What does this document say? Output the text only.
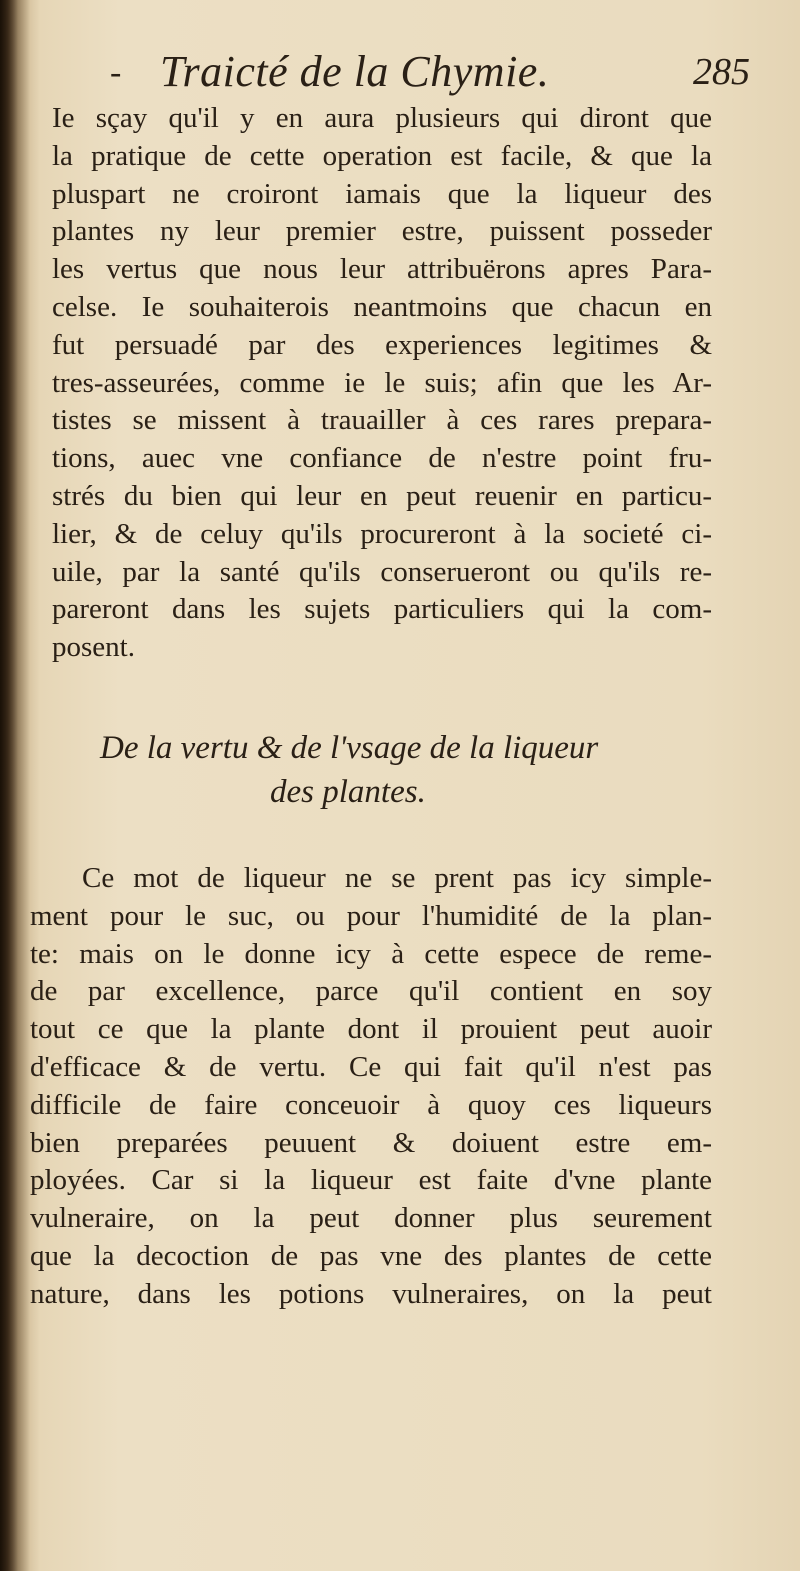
- Traicté de la Chymie.	285
Ie sçay qu'il y en aura plusieurs qui diront que
la pratique de cette operation est facile, & que la
pluspart ne croiront iamais que la liqueur des
plantes ny leur premier estre, puissent posseder
les vertus que nous leur attribuërons apres Para-
celse. Ie souhaiterois neantmoins que chacun en
fut persuadé par des experiences legitimes &
tres-asseurées, comme ie le suis; afin que les Ar-
tistes se missent à trauailler à ces rares prepara-
tions, auec vne confiance de n'estre point fru-
strés du bien qui leur en peut reuenir en particu-
lier, & de celuy qu'ils procureront à la societé ci-
uile, par la santé qu'ils conserueront ou qu'ils re-
pareront dans les sujets particuliers qui la com-
posent.
De la vertu & de l'vsage de la liqueur
des plantes.
Ce mot de liqueur ne se prent pas icy simple-
ment pour le suc, ou pour l'humidité de la plan-
te: mais on le donne icy à cette espece de reme-
de par excellence, parce qu'il contient en soy
tout ce que la plante dont il prouient peut auoir
d'efficace & de vertu. Ce qui fait qu'il n'est pas
difficile de faire conceuoir à quoy ces liqueurs
bien preparées peuuent & doiuent estre em-
ployées. Car si la liqueur est faite d'vne plante
vulneraire, on la peut donner plus seurement
que la decoction de pas vne des plantes de cette
nature, dans les potions vulneraires, on la peut
